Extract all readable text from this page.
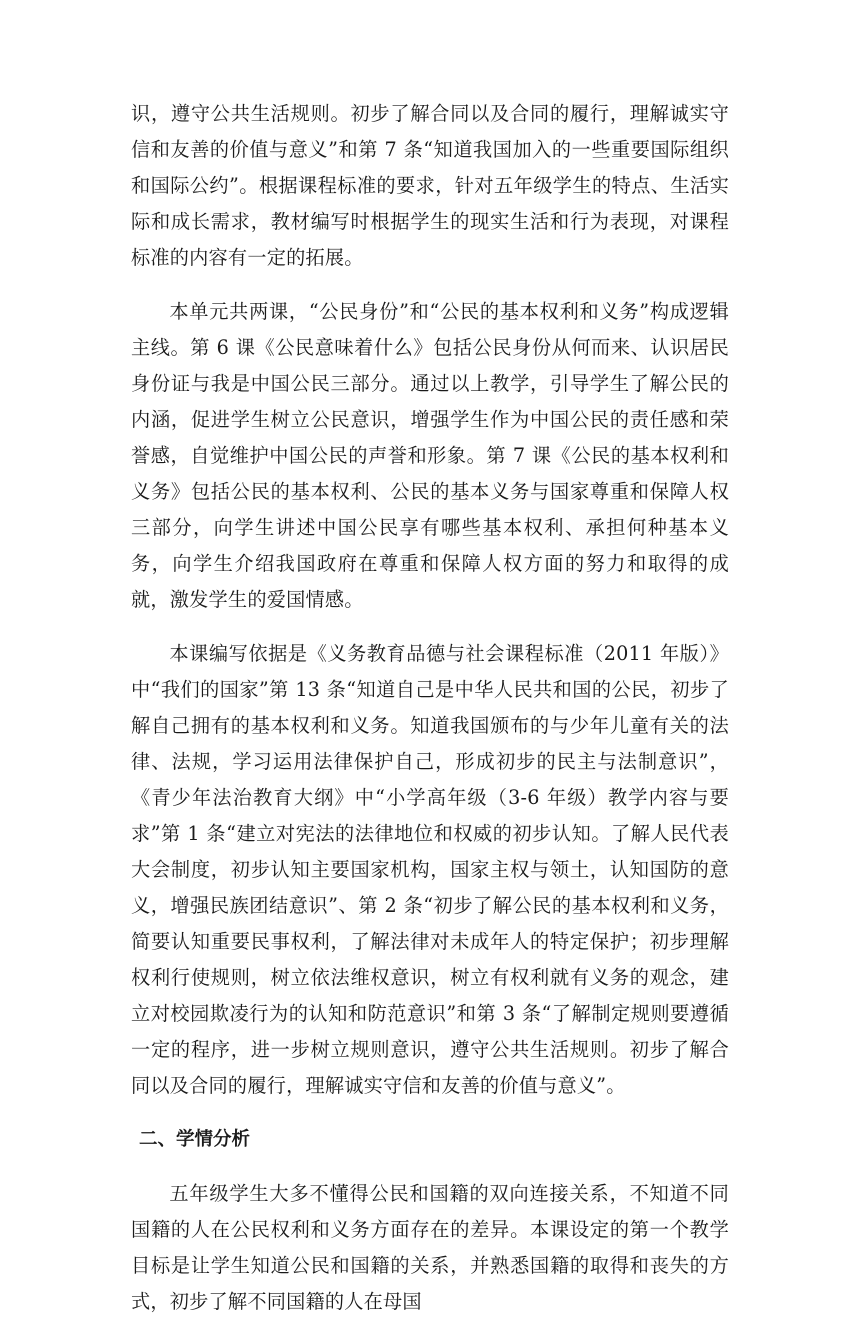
识，遵守公共生活规则。初步了解合同以及合同的履行，理解诚实守信和友善的价值与意义”和第 7 条“知道我国加入的一些重要国际组织和国际公约”。根据课程标准的要求，针对五年级学生的特点、生活实际和成长需求，教材编写时根据学生的现实生活和行为表现，对课程标准的内容有一定的拓展。

本单元共两课，“公民身份”和“公民的基本权利和义务”构成逻辑主线。第 6 课《公民意味着什么》包括公民身份从何而来、认识居民身份证与我是中国公民三部分。通过以上教学，引导学生了解公民的内涵，促进学生树立公民意识，增强学生作为中国公民的责任感和荣誉感，自觉维护中国公民的声誉和形象。第 7 课《公民的基本权利和义务》包括公民的基本权利、公民的基本义务与国家尊重和保障人权三部分，向学生讲述中国公民享有哪些基本权利、承担何种基本义务，向学生介绍我国政府在尊重和保障人权方面的努力和取得的成就，激发学生的爱国情感。

本课编写依据是《义务教育品德与社会课程标准（2011 年版）》中“我们的国家”第 13 条“知道自己是中华人民共和国的公民，初步了解自己拥有的基本权利和义务。知道我国颁布的与少年儿童有关的法律、法规，学习运用法律保护自己，形成初步的民主与法制意识”，《青少年法治教育大纲》中“小学高年级（3-6 年级）教学内容与要求”第 1 条“建立对宪法的法律地位和权威的初步认知。了解人民代表大会制度，初步认知主要国家机构，国家主权与领土，认知国防的意义，增强民族团结意识”、第 2 条“初步了解公民的基本权利和义务，简要认知重要民事权利，了解法律对未成年人的特定保护；初步理解权利行使规则，树立依法维权意识，树立有权利就有义务的观念，建立对校园欺凌行为的认知和防范意识”和第 3 条“了解制定规则要遵循一定的程序，进一步树立规则意识，遵守公共生活规则。初步了解合同以及合同的履行，理解诚实守信和友善的价值与意义”。

二、学情分析

五年级学生大多不懂得公民和国籍的双向连接关系，不知道不同国籍的人在公民权利和义务方面存在的差异。本课设定的第一个教学目标是让学生知道公民和国籍的关系，并熟悉国籍的取得和丧失的方式，初步了解不同国籍的人在母国
